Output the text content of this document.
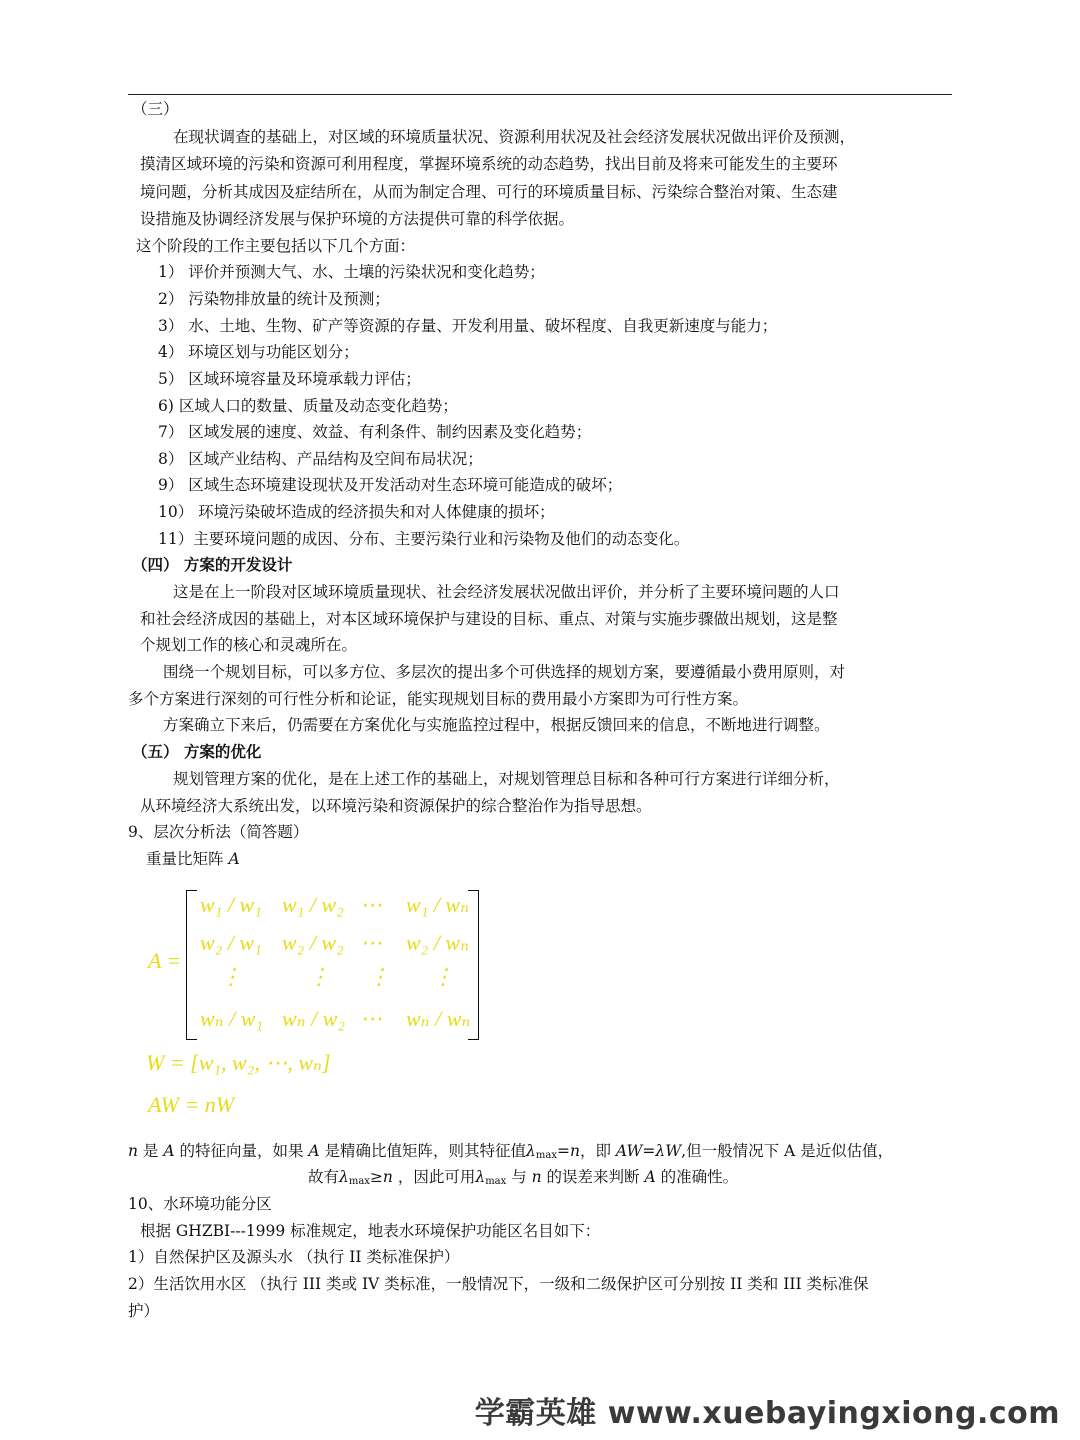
（三）
在现状调查的基础上，对区域的环境质量状况、资源利用状况及社会经济发展状况做出评价及预测，
摸清区域环境的污染和资源可利用程度，掌握环境系统的动态趋势，找出目前及将来可能发生的主要环
境问题，分析其成因及症结所在，从而为制定合理、可行的环境质量目标、污染综合整治对策、生态建
设措施及协调经济发展与保护环境的方法提供可靠的科学依据。
这个阶段的工作主要包括以下几个方面：
1） 评价并预测大气、水、土壤的污染状况和变化趋势；
2） 污染物排放量的统计及预测；
3） 水、土地、生物、矿产等资源的存量、开发利用量、破坏程度、自我更新速度与能力；
4） 环境区划与功能区划分；
5） 区域环境容量及环境承载力评估；
6) 区域人口的数量、质量及动态变化趋势；
7） 区域发展的速度、效益、有利条件、制约因素及变化趋势；
8） 区域产业结构、产品结构及空间布局状况；
9） 区域生态环境建设现状及开发活动对生态环境可能造成的破坏；
10） 环境污染破坏造成的经济损失和对人体健康的损坏；
11）主要环境问题的成因、分布、主要污染行业和污染物及他们的动态变化。
（四） 方案的开发设计
这是在上一阶段对区域环境质量现状、社会经济发展状况做出评价，并分析了主要环境问题的人口
和社会经济成因的基础上，对本区域环境保护与建设的目标、重点、对策与实施步骤做出规划，这是整
个规划工作的核心和灵魂所在。
围绕一个规划目标，可以多方位、多层次的提出多个可供选择的规划方案，要遵循最小费用原则，对
多个方案进行深刻的可行性分析和论证，能实现规划目标的费用最小方案即为可行性方案。
方案确立下来后，仍需要在方案优化与实施监控过程中，根据反馈回来的信息，不断地进行调整。
（五） 方案的优化
规划管理方案的优化，是在上述工作的基础上，对规划管理总目标和各种可行方案进行详细分析，
从环境经济大系统出发，以环境污染和资源保护的综合整治作为指导思想。
9、层次分析法（简答题）
重量比矩阵 A
A =
w₁ / w₁ w₁ / w₂ ⋯ w₁ / wₙ
w₂ / w₁ w₂ / w₂ ⋯ w₂ / wₙ
⋮	⋮ ⋮ ⋮
wₙ / w₁ wₙ / w₂ ⋯ wₙ / wₙ
W = [w₁, w₂, ⋯, wₙ]
AW = nW
n 是 A 的特征向量，如果 A 是精确比值矩阵，则其特征值$\lambda_{max}=n$，即 AW=λW,但一般情况下 A 是近似估值，
故有$\lambda_{max}\ge n$ ，因此可用$\lambda_{max}$ 与 n 的误差来判断 A 的准确性。
10、水环境功能分区
根据 GHZBI---1999 标准规定，地表水环境保护功能区名目如下：
1）自然保护区及源头水 （执行 II 类标准保护）
2）生活饮用水区 （执行 III 类或 IV 类标准，一般情况下，一级和二级保护区可分别按 II 类和 III 类标准保
护）
学霸英雄 www.xuebayingxiong.com
